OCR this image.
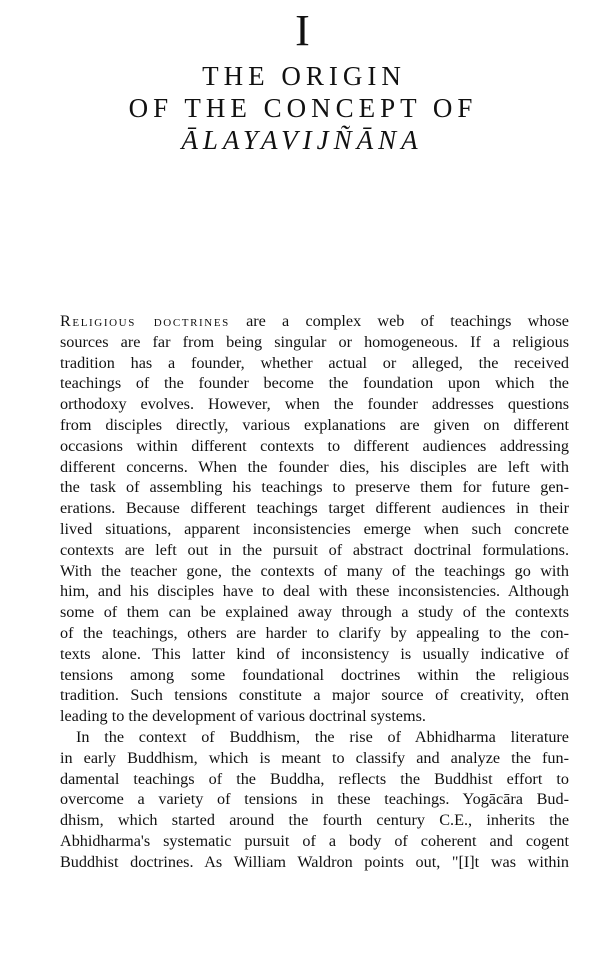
I
THE ORIGIN
OF THE CONCEPT OF
ĀLAYAVIJÑĀNA
Religious doctrines are a complex web of teachings whose
sources are far from being singular or homogeneous. If a religious
tradition has a founder, whether actual or alleged, the received
teachings of the founder become the foundation upon which the
orthodoxy evolves. However, when the founder addresses questions
from disciples directly, various explanations are given on different
occasions within different contexts to different audiences addressing
different concerns. When the founder dies, his disciples are left with
the task of assembling his teachings to preserve them for future gen-
erations. Because different teachings target different audiences in their
lived situations, apparent inconsistencies emerge when such concrete
contexts are left out in the pursuit of abstract doctrinal formulations.
With the teacher gone, the contexts of many of the teachings go with
him, and his disciples have to deal with these inconsistencies. Although
some of them can be explained away through a study of the contexts
of the teachings, others are harder to clarify by appealing to the con-
texts alone. This latter kind of inconsistency is usually indicative of
tensions among some foundational doctrines within the religious
tradition. Such tensions constitute a major source of creativity, often
leading to the development of various doctrinal systems.
In the context of Buddhism, the rise of Abhidharma literature
in early Buddhism, which is meant to classify and analyze the fun-
damental teachings of the Buddha, reflects the Buddhist effort to
overcome a variety of tensions in these teachings. Yogācāra Bud-
dhism, which started around the fourth century C.E., inherits the
Abhidharma's systematic pursuit of a body of coherent and cogent
Buddhist doctrines. As William Waldron points out, "[I]t was within
